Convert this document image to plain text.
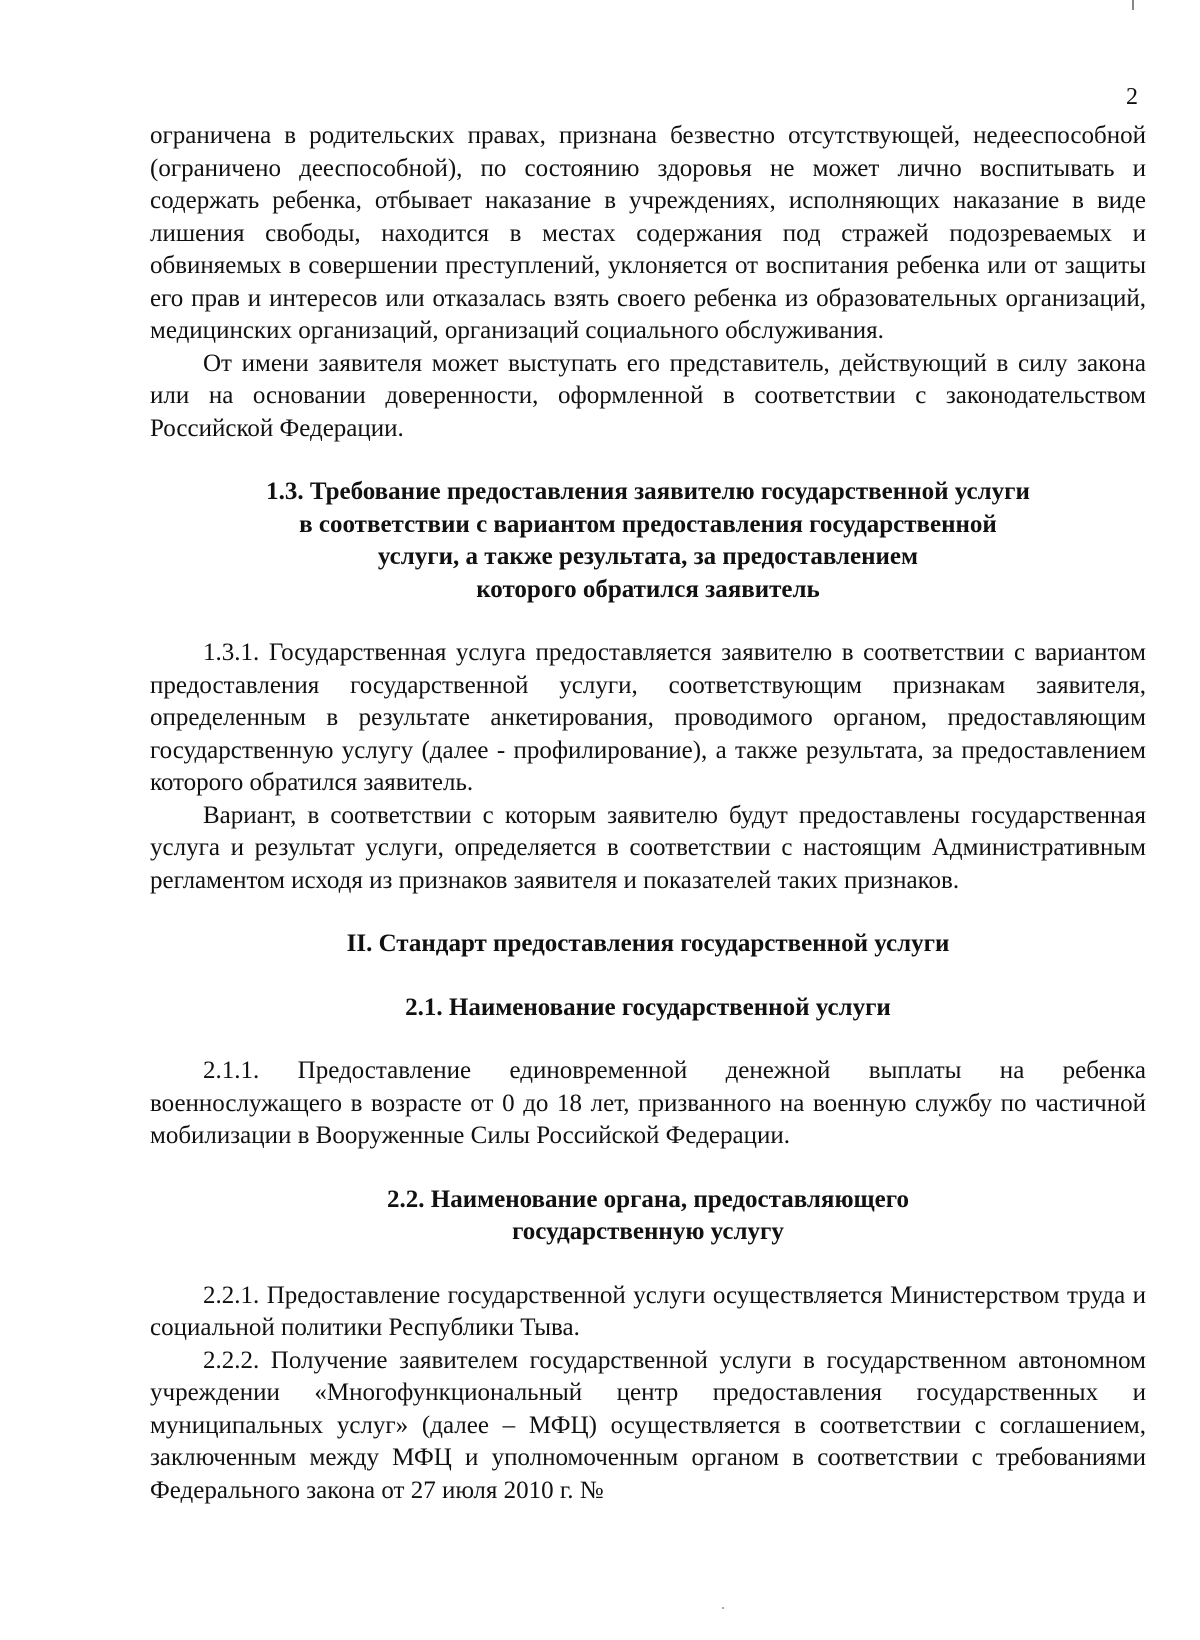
2

ограничена в родительских правах, признана безвестно отсутствующей, недееспособной (ограничено дееспособной), по состоянию здоровья не может лично воспитывать и содержать ребенка, отбывает наказание в учреждениях, исполняющих наказание в виде лишения свободы, находится в местах содержания под стражей подозреваемых и обвиняемых в совершении преступлений, уклоняется от воспитания ребенка или от защиты его прав и интересов или отказалась взять своего ребенка из образовательных организаций, медицинских организаций, организаций социального обслуживания.

От имени заявителя может выступать его представитель, действующий в силу закона или на основании доверенности, оформленной в соответствии с законодательством Российской Федерации.

1.3. Требование предоставления заявителю государственной услуги
в соответствии с вариантом предоставления государственной
услуги, а также результата, за предоставлением
которого обратился заявитель

1.3.1. Государственная услуга предоставляется заявителю в соответствии с вариантом предоставления государственной услуги, соответствующим признакам заявителя, определенным в результате анкетирования, проводимого органом, предоставляющим государственную услугу (далее - профилирование), а также результата, за предоставлением которого обратился заявитель.

Вариант, в соответствии с которым заявителю будут предоставлены государственная услуга и результат услуги, определяется в соответствии с настоящим Административным регламентом исходя из признаков заявителя и показателей таких признаков.

II. Стандарт предоставления государственной услуги
2.1. Наименование государственной услуги

2.1.1. Предоставление единовременной денежной выплаты на ребенка военнослужащего в возрасте от 0 до 18 лет, призванного на военную службу по частичной мобилизации в Вооруженные Силы Российской Федерации.

2.2. Наименование органа, предоставляющего
государственную услугу

2.2.1. Предоставление государственной услуги осуществляется Министерством труда и социальной политики Республики Тыва.

2.2.2. Получение заявителем государственной услуги в государственном автономном учреждении «Многофункциональный центр предоставления государственных и муниципальных услуг» (далее – МФЦ) осуществляется в соответствии с соглашением, заключенным между МФЦ и уполномоченным органом в соответствии с требованиями Федерального закона от 27 июля 2010 г. №
